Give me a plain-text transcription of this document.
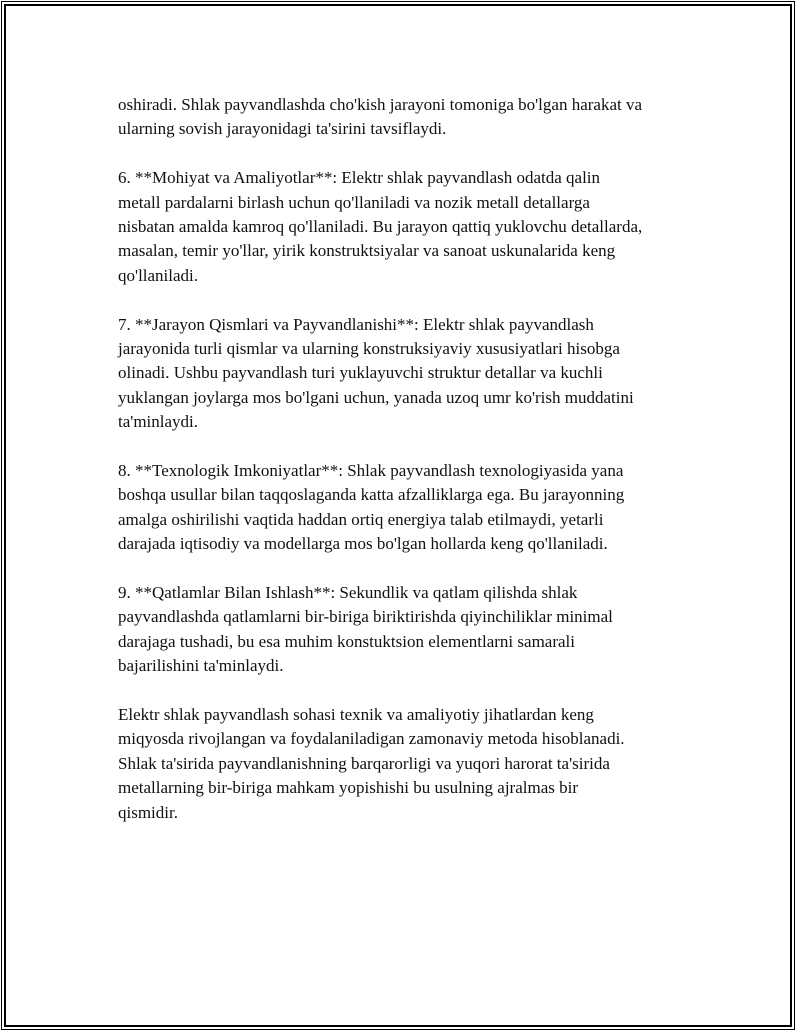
oshiradi. Shlak payvandlashda cho'kish jarayoni tomoniga bo'lgan harakat va
ularning sovish jarayonidagi ta'sirini tavsiflaydi.

6. **Mohiyat va Amaliyotlar**: Elektr shlak payvandlash odatda qalin
metall pardalarni birlash uchun qo'llaniladi va nozik metall detallarga
nisbatan amalda kamroq qo'llaniladi. Bu jarayon qattiq yuklovchu detallarda,
masalan, temir yo'llar, yirik konstruktsiyalar va sanoat uskunalarida keng
qo'llaniladi.

7. **Jarayon Qismlari va Payvandlanishi**: Elektr shlak payvandlash
jarayonida turli qismlar va ularning konstruksiyaviy xususiyatlari hisobga
olinadi. Ushbu payvandlash turi yuklayuvchi struktur detallar va kuchli
yuklangan joylarga mos bo'lgani uchun, yanada uzoq umr ko'rish muddatini
ta'minlaydi.

8. **Texnologik Imkoniyatlar**: Shlak payvandlash texnologiyasida yana
boshqa usullar bilan taqqoslaganda katta afzalliklarga ega. Bu jarayonning
amalga oshirilishi vaqtida haddan ortiq energiya talab etilmaydi, yetarli
darajada iqtisodiy va modellarga mos bo'lgan hollarda keng qo'llaniladi.

9. **Qatlamlar Bilan Ishlash**: Sekundlik va qatlam qilishda shlak
payvandlashda qatlamlarni bir-biriga biriktirishda qiyinchiliklar minimal
darajaga tushadi, bu esa muhim konstuktsion elementlarni samarali
bajarilishini ta'minlaydi.

Elektr shlak payvandlash sohasi texnik va amaliyotiy jihatlardan keng
miqyosda rivojlangan va foydalaniladigan zamonaviy metoda hisoblanadi.
Shlak ta'sirida payvandlanishning barqarorligi va yuqori harorat ta'sirida
metallarning bir-biriga mahkam yopishishi bu usulning ajralmas bir
qismidir.
